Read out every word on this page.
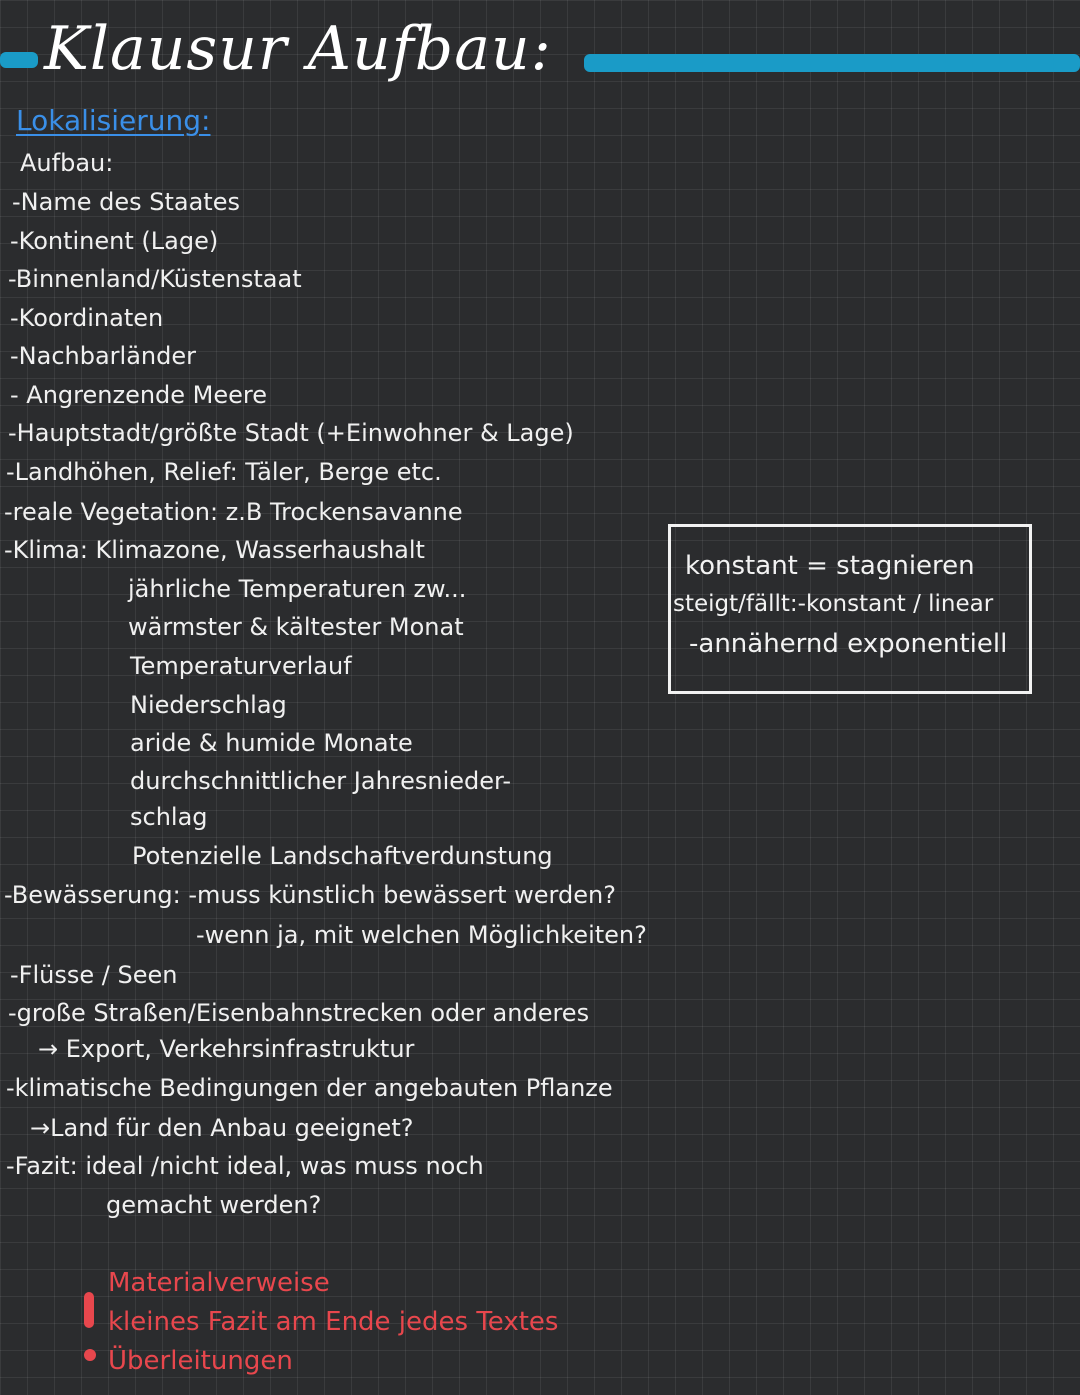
Klausur Aufbau:
Lokalisierung:
Aufbau:
-Name des Staates
-Kontinent (Lage)
-Binnenland/Küstenstaat
-Koordinaten
-Nachbarländer
- Angrenzende Meere
-Hauptstadt/größte Stadt (+Einwohner & Lage)
-Landhöhen, Relief: Täler, Berge etc.
-reale Vegetation: z.B Trockensavanne
-Klima: Klimazone, Wasserhaushalt
jährliche Temperaturen zw...
wärmster & kältester Monat
Temperaturverlauf
Niederschlag
aride & humide Monate
durchschnittlicher Jahresnieder-
schlag
Potenzielle Landschaftverdunstung
-Bewässerung: -muss künstlich bewässert werden?
-wenn ja, mit welchen Möglichkeiten?
-Flüsse / Seen
-große Straßen/Eisenbahnstrecken oder anderes
→ Export, Verkehrsinfrastruktur
-klimatische Bedingungen der angebauten Pflanze
→Land für den Anbau geeignet?
-Fazit: ideal /nicht ideal, was muss noch
gemacht werden?
konstant = stagnieren
steigt/fällt:-konstant / linear
-annähernd exponentiell
Materialverweise
kleines Fazit am Ende jedes Textes
Überleitungen
